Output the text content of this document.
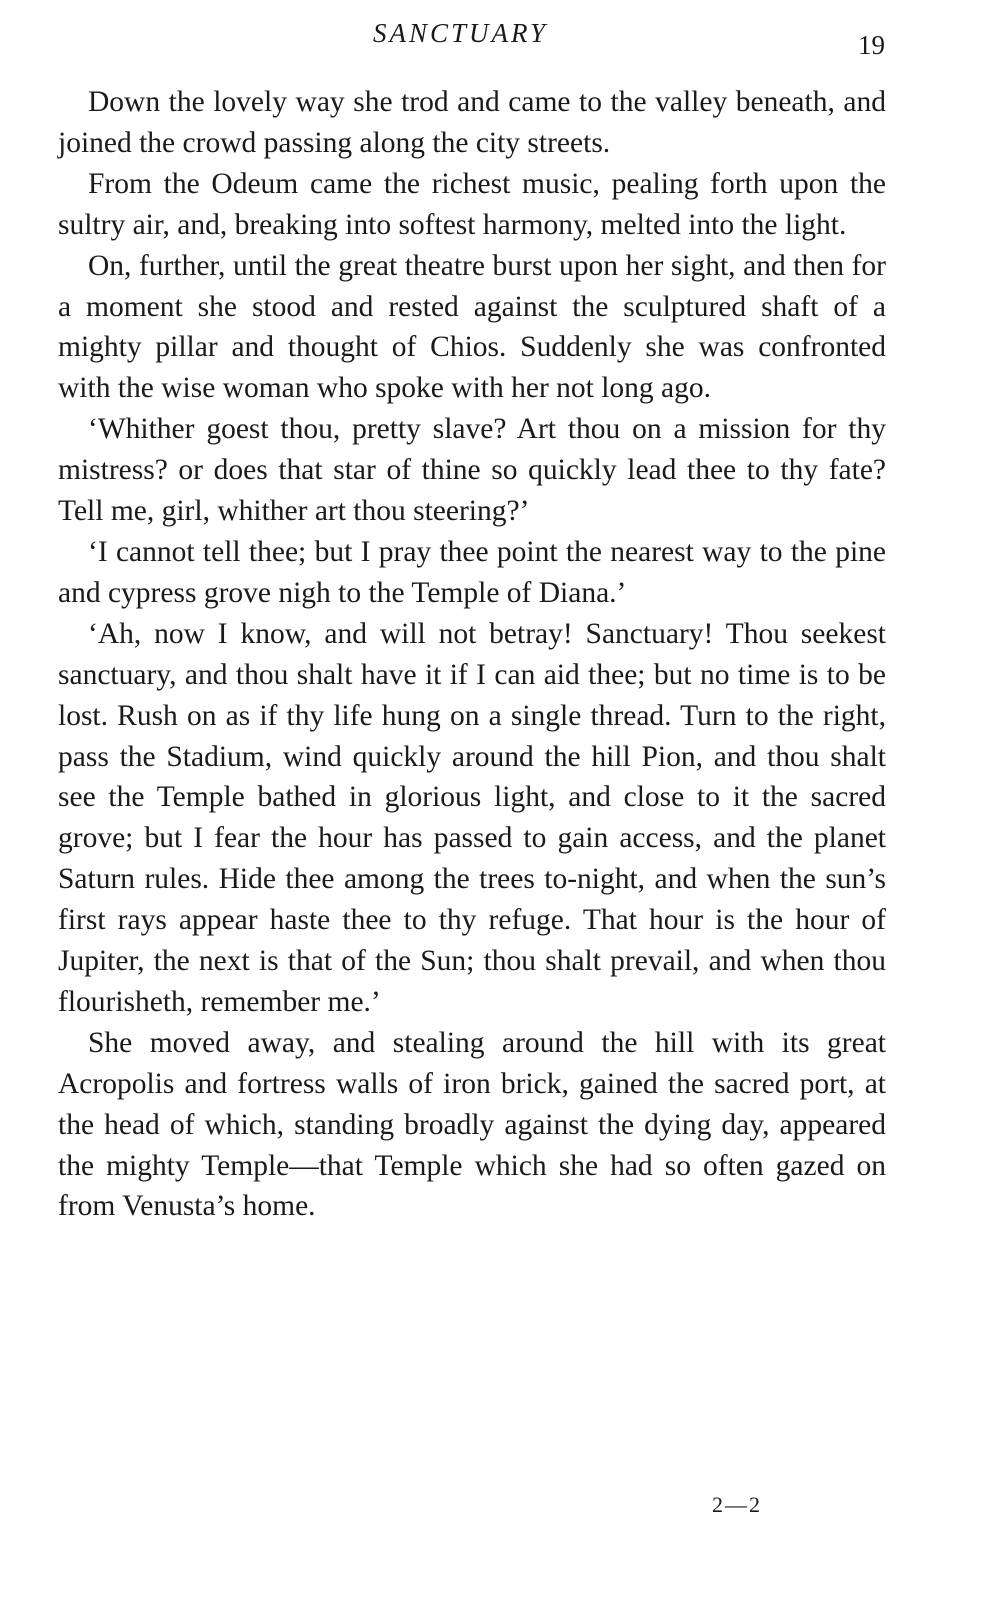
SANCTUARY	19

Down the lovely way she trod and came to the valley beneath, and joined the crowd passing along the city streets.

From the Odeum came the richest music, pealing forth upon the sultry air, and, breaking into softest harmony, melted into the light.

On, further, until the great theatre burst upon her sight, and then for a moment she stood and rested against the sculptured shaft of a mighty pillar and thought of Chios. Suddenly she was confronted with the wise woman who spoke with her not long ago.

‘Whither goest thou, pretty slave? Art thou on a mission for thy mistress? or does that star of thine so quickly lead thee to thy fate? Tell me, girl, whither art thou steering?’

‘I cannot tell thee; but I pray thee point the nearest way to the pine and cypress grove nigh to the Temple of Diana.’

‘Ah, now I know, and will not betray! Sanctuary! Thou seekest sanctuary, and thou shalt have it if I can aid thee; but no time is to be lost. Rush on as if thy life hung on a single thread. Turn to the right, pass the Stadium, wind quickly around the hill Pion, and thou shalt see the Temple bathed in glorious light, and close to it the sacred grove; but I fear the hour has passed to gain access, and the planet Saturn rules. Hide thee among the trees to-night, and when the sun’s first rays appear haste thee to thy refuge. That hour is the hour of Jupiter, the next is that of the Sun; thou shalt prevail, and when thou flourisheth, remember me.’

She moved away, and stealing around the hill with its great Acropolis and fortress walls of iron brick, gained the sacred port, at the head of which, standing broadly against the dying day, appeared the mighty Temple—that Temple which she had so often gazed on from Venusta’s home.

2—2
